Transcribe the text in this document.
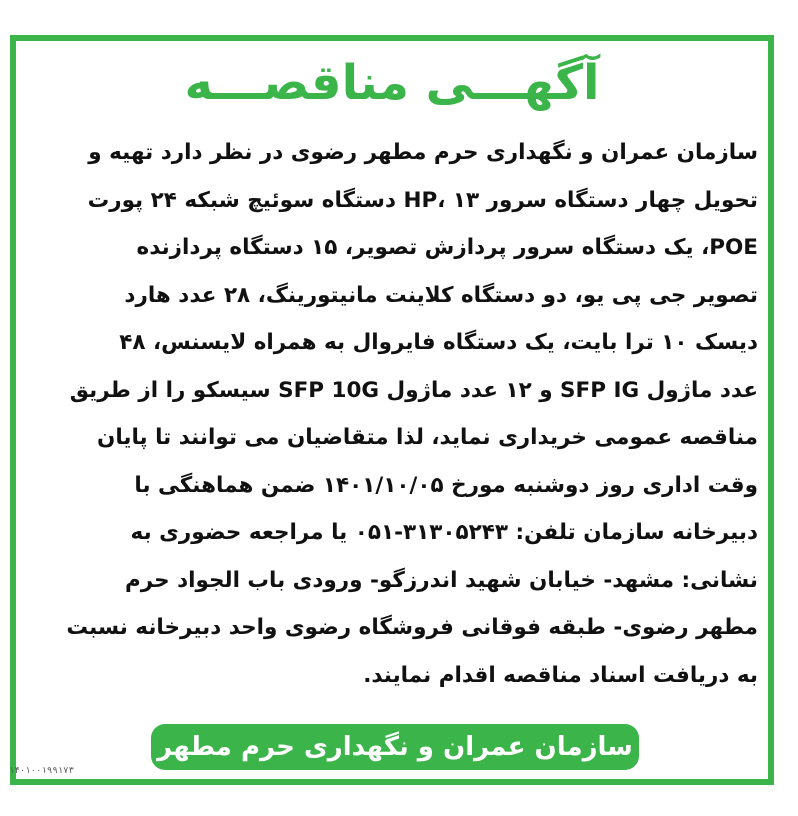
آگهـــی مناقصـــه

سازمان عمران و نگهداری حرم مطهر رضوی در نظر دارد تهیه و

تحویل چهار دستگاه سرور HP، ۱۳ دستگاه سوئیچ شبکه ۲۴ پورت

POE، یک دستگاه سرور پردازش تصویر، ۱۵ دستگاه پردازنده

تصویر جی پی یو، دو دستگاه کلاینت مانیتورینگ، ۲۸ عدد هارد

دیسک ۱۰ ترا بایت، یک دستگاه فایروال به همراه لایسنس، ۴۸

عدد ماژول SFP IG و ۱۲ عدد ماژول SFP 10G سیسکو را از طریق

مناقصه عمومی خریداری نماید، لذا متقاضیان می توانند تا پایان

وقت اداری روز دوشنبه مورخ ۱۴۰۱/۱۰/۰۵ ضمن هماهنگی با

دبیرخانه سازمان تلفن: ۳۱۳۰۵۲۴۳-۰۵۱ یا مراجعه حضوری به

نشانی: مشهد- خیابان شهید اندرزگو- ورودی باب الجواد حرم

مطهر رضوی- طبقه فوقانی فروشگاه رضوی واحد دبیرخانه نسبت

به دریافت اسناد مناقصه اقدام نمایند.

سازمان عمران و نگهداری حرم مطهر رضوی
۱۴۰۱۰۰۱۹۹۱۷۳
